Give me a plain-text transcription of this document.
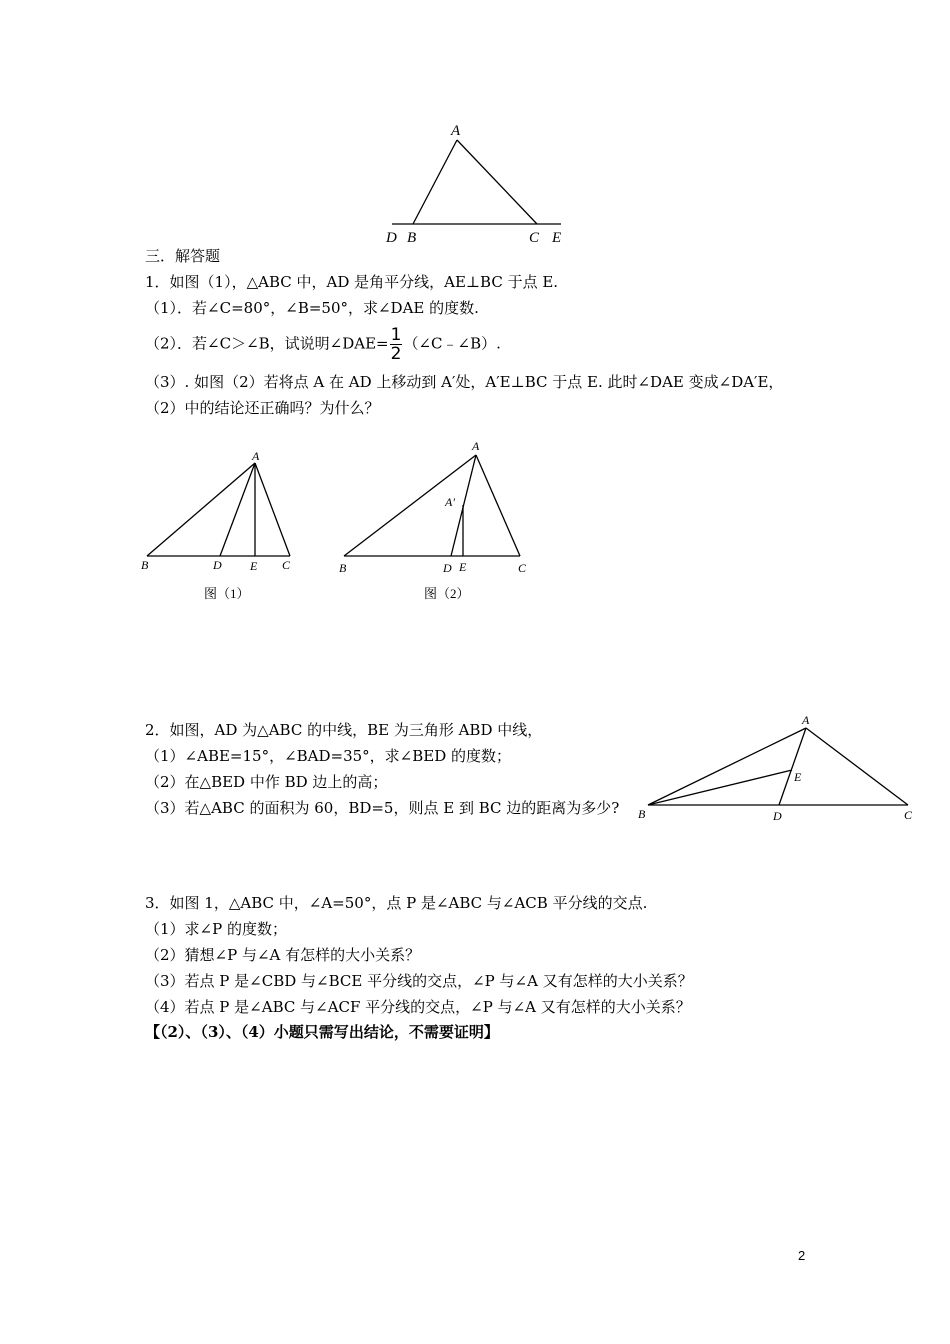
A
D B	C E
三．解答题
1．如图（1），△ABC 中，AD 是角平分线，AE⊥BC 于点 E.
（1）．若∠C=80°，∠B=50°，求∠DAE 的度数.
（2）．若∠C＞∠B，试说明∠DAE= $\frac{1}{2}$ （∠C﹣∠B）.
（3）. 如图（2）若将点 A 在 AD 上移动到 A′处，A′E⊥BC 于点 E. 此时∠DAE 变成∠DA′E，
（2）中的结论还正确吗？为什么？
A
B	D E C
图（1）
A
A′
B	D E	C
图（2）
2．如图，AD 为△ABC 的中线，BE 为三角形 ABD 中线，
（1）∠ABE=15°，∠BAD=35°，求∠BED 的度数；
（2）在△BED 中作 BD 边上的高；
（3）若△ABC 的面积为 60，BD=5，则点 E 到 BC 边的距离为多少?
A
E
B	D	C
3．如图 1，△ABC 中，∠A=50°，点 P 是∠ABC 与∠ACB 平分线的交点.
（1）求∠P 的度数；
（2）猜想∠P 与∠A 有怎样的大小关系？
（3）若点 P 是∠CBD 与∠BCE 平分线的交点，∠P 与∠A 又有怎样的大小关系？
（4）若点 P 是∠ABC 与∠ACF 平分线的交点，∠P 与∠A 又有怎样的大小关系？
【（2）、（3）、（4）小题只需写出结论，不需要证明】
2
